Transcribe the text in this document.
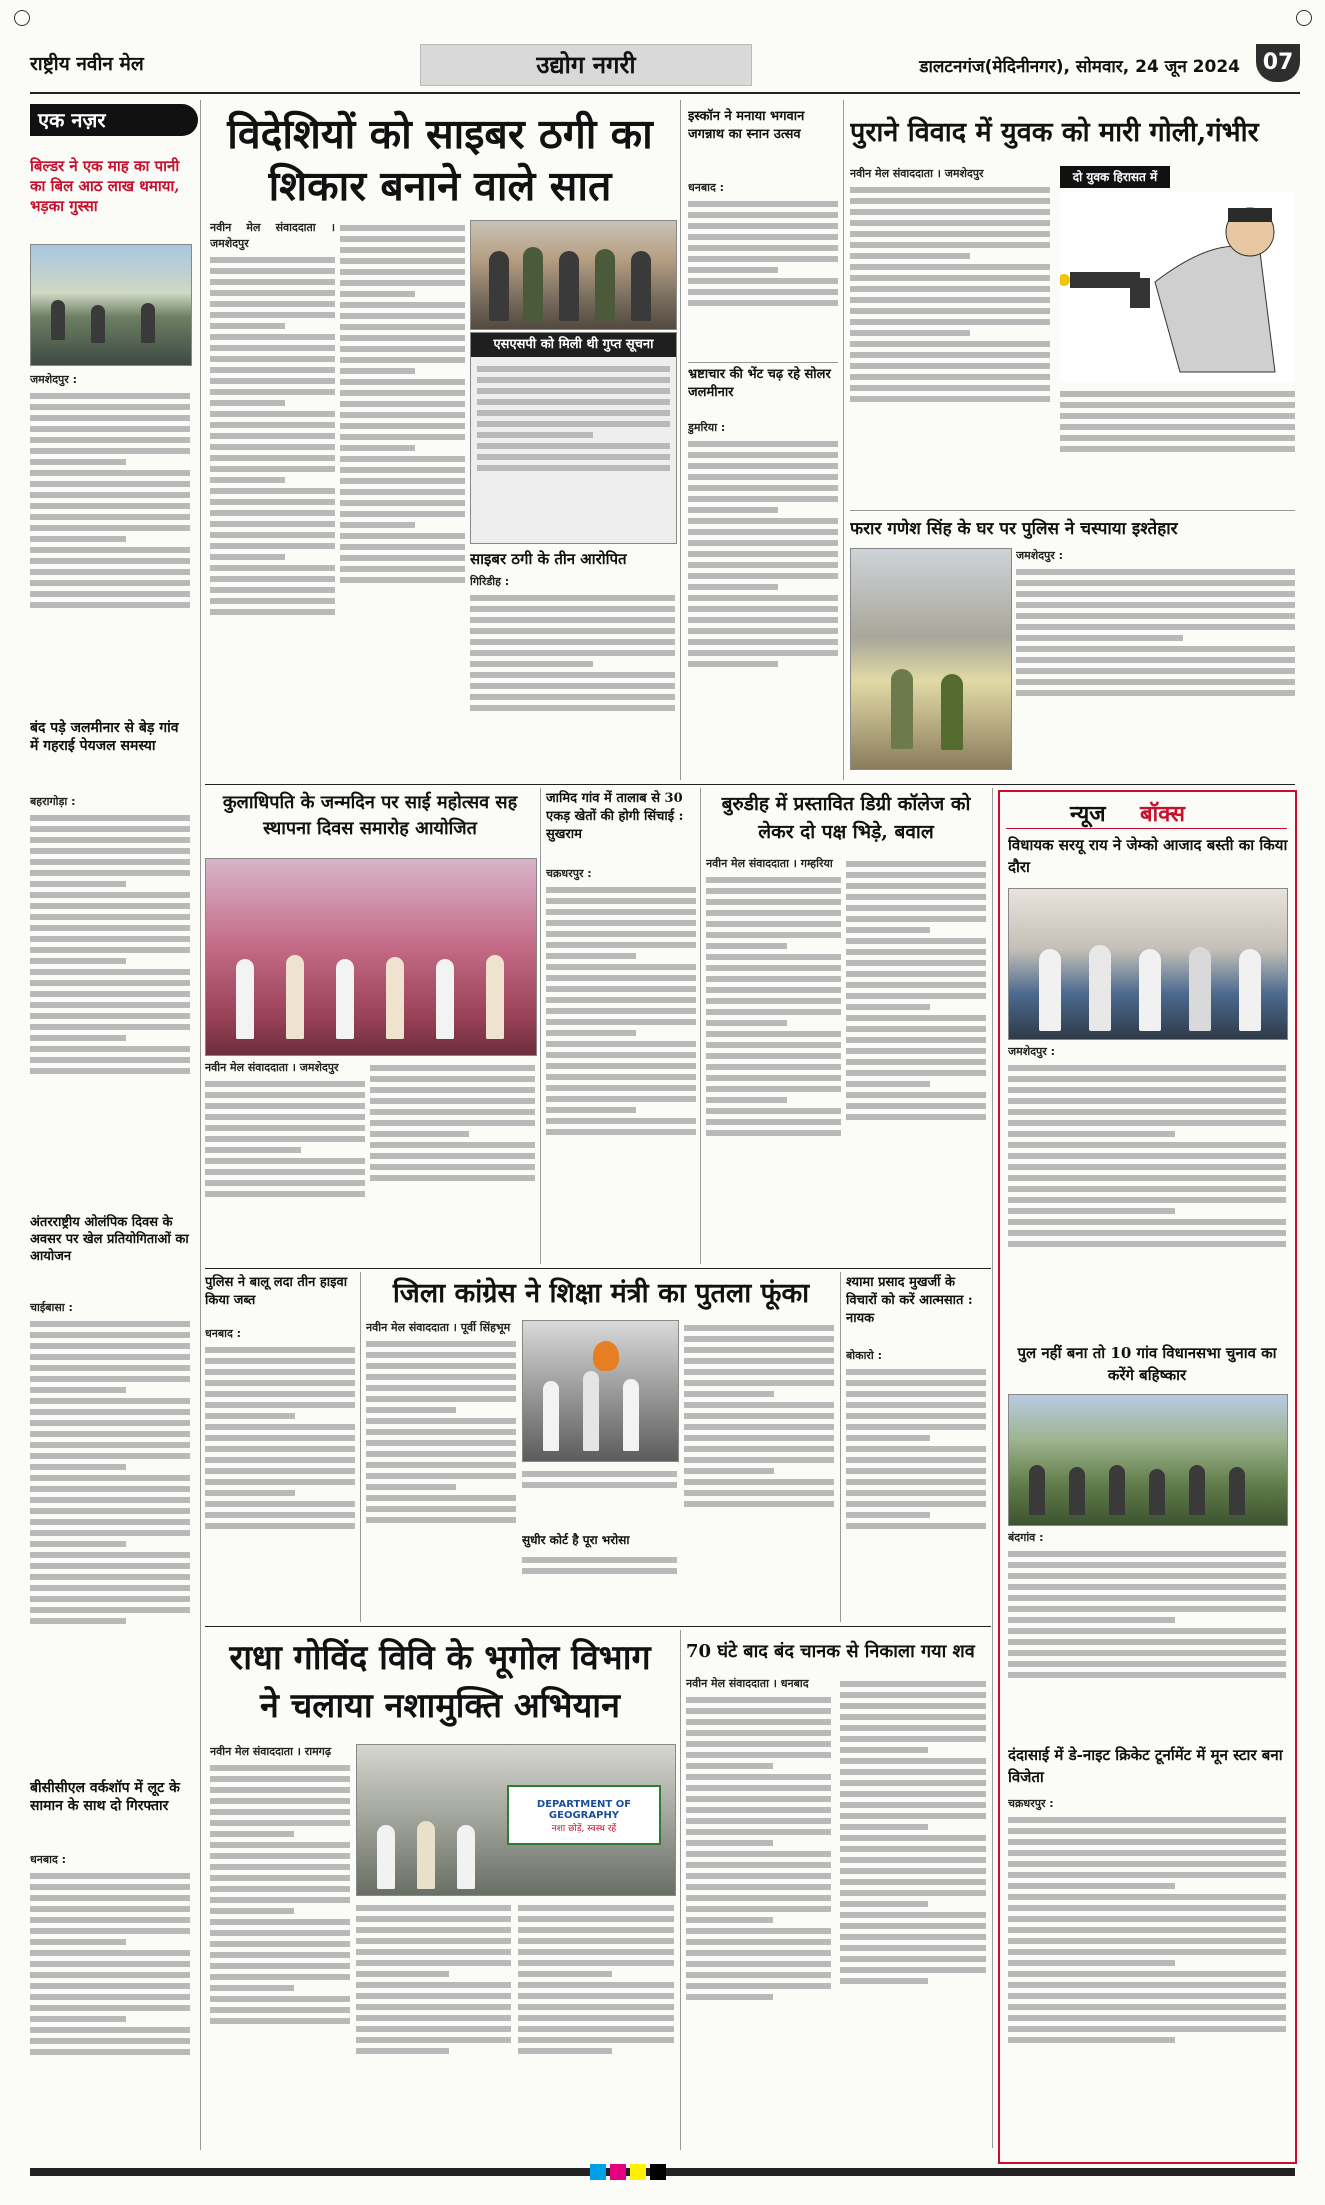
राष्ट्रीय नवीन मेल	उद्योग नगरी	डालटनगंज(मेदिनीनगर), सोमवार, 24 जून 2024	07
एक नज़र
बिल्डर ने एक माह का पानी का बिल आठ लाख थमाया, भड़का गुस्सा
जमशेदपुर :
बंद पड़े जलमीनार से बेड़ गांव में गहराई पेयजल समस्या
बहरागोड़ा :
अंतरराष्ट्रीय ओलंपिक दिवस के अवसर पर खेल प्रतियोगिताओं का आयोजन
चाईबासा :
बीसीसीएल वर्कशॉप में लूट के सामान के साथ दो गिरफ्तार
धनबाद :
विदेशियों को साइबर ठगी का
शिकार बनाने वाले सात
नवीन मेल संवाददाता । जमशेदपुर
एसएसपी को मिली थी गुप्त सूचना
साइबर ठगी के तीन आरोपित
गिरिडीह :
इस्कॉन ने मनाया भगवान जगन्नाथ का स्नान उत्सव
धनबाद :
भ्रष्टाचार की भेंट चढ़ रहे सोलर जलमीनार
डुमरिया :
पुराने विवाद में युवक को मारी गोली,गंभीर
नवीन मेल संवाददाता । जमशेदपुर	दो युवक हिरासत में
फरार गणेश सिंह के घर पर पुलिस ने चस्पाया इश्तेहार
जमशेदपुर :
कुलाधिपति के जन्मदिन पर साई महोत्सव सह स्थापना दिवस समारोह आयोजित
नवीन मेल संवाददाता । जमशेदपुर
जामिद गांव में तालाब से 30 एकड़ खेतों की होगी सिंचाई : सुखराम
चक्रधरपुर :
बुरुडीह में प्रस्तावित डिग्री कॉलेज को लेकर दो पक्ष भिड़े, बवाल
नवीन मेल संवाददाता । गम्हरिया
न्यूज बॉक्स
विधायक सरयू राय ने जेम्को आजाद बस्ती का किया दौरा
जमशेदपुर :
पुल नहीं बना तो 10 गांव विधानसभा चुनाव का करेंगे बहिष्कार
बंदगांव :
दंदासाई में डे-नाइट क्रिकेट टूर्नामेंट में मून स्टार बना विजेता
चक्रधरपुर :
पुलिस ने बालू लदा तीन हाइवा किया जब्त
धनबाद :
जिला कांग्रेस ने शिक्षा मंत्री का पुतला फूंका
नवीन मेल संवाददाता । पूर्वी सिंहभूम
सुधीर कोर्ट है पूरा भरोसा
श्यामा प्रसाद मुखर्जी के विचारों को करें आत्मसात : नायक
बोकारो :
राधा गोविंद विवि के भूगोल विभाग
ने चलाया नशामुक्ति अभियान
नवीन मेल संवाददाता । रामगढ़
DEPARTMENT OF GEOGRAPHY
नशा छोड़ें, स्वस्थ रहें
70 घंटे बाद बंद चानक से निकाला गया शव
नवीन मेल संवाददाता । धनबाद
